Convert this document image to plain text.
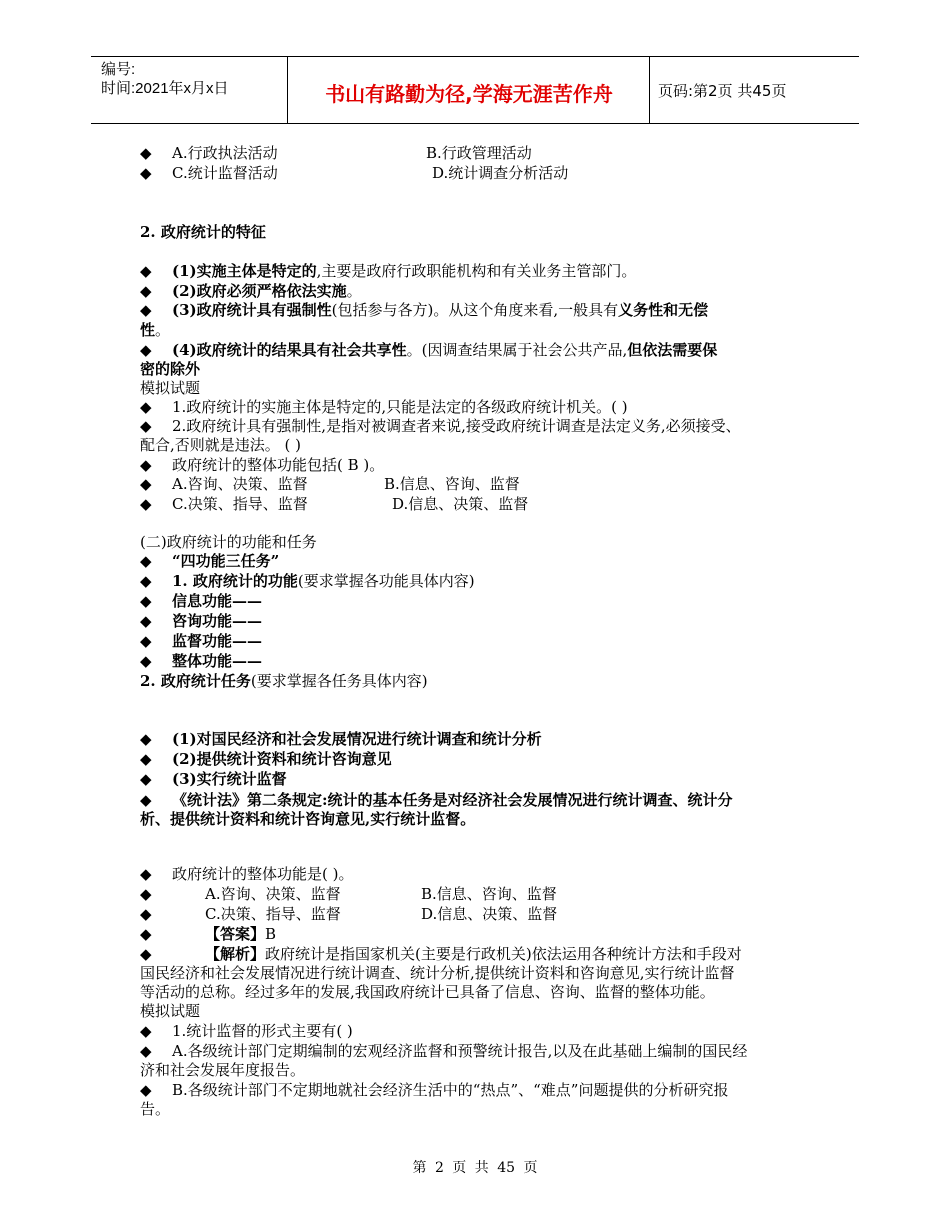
编号:
时间:2021年x月x日	书山有路勤为径,学海无涯苦作舟	页码:第2页 共45页
◆ A.行政执法活动	B.行政管理活动
◆ C.统计监督活动	D.统计调查分析活动
2. 政府统计的特征
◆ (1)实施主体是特定的,主要是政府行政职能机构和有关业务主管部门。
◆ (2)政府必须严格依法实施。
◆ (3)政府统计具有强制性(包括参与各方)。从这个角度来看,一般具有义务性和无偿
性。
◆ (4)政府统计的结果具有社会共享性。(因调查结果属于社会公共产品,但依法需要保
密的除外
模拟试题
◆ 1.政府统计的实施主体是特定的,只能是法定的各级政府统计机关。( )
◆ 2.政府统计具有强制性,是指对被调查者来说,接受政府统计调查是法定义务,必须接受、
配合,否则就是违法。 ( )
◆ 政府统计的整体功能包括( B )。
◆ A.咨询、决策、监督	B.信息、咨询、监督
◆ C.决策、指导、监督	D.信息、决策、监督
(二)政府统计的功能和任务
◆ “四功能三任务”
◆ 1. 政府统计的功能(要求掌握各功能具体内容)
◆ 信息功能——
◆ 咨询功能——
◆ 监督功能——
◆ 整体功能——
2. 政府统计任务(要求掌握各任务具体内容)
◆ (1)对国民经济和社会发展情况进行统计调查和统计分析
◆ (2)提供统计资料和统计咨询意见
◆ (3)实行统计监督
◆ 《统计法》第二条规定:统计的基本任务是对经济社会发展情况进行统计调查、统计分
析、提供统计资料和统计咨询意见,实行统计监督。
◆ 政府统计的整体功能是( )。
◆	A.咨询、决策、监督	B.信息、咨询、监督
◆	C.决策、指导、监督	D.信息、决策、监督
◆	【答案】B
◆	【解析】政府统计是指国家机关(主要是行政机关)依法运用各种统计方法和手段对
国民经济和社会发展情况进行统计调查、统计分析,提供统计资料和咨询意见,实行统计监督
等活动的总称。经过多年的发展,我国政府统计已具备了信息、咨询、监督的整体功能。
模拟试题
◆ 1.统计监督的形式主要有( )
◆ A.各级统计部门定期编制的宏观经济监督和预警统计报告,以及在此基础上编制的国民经
济和社会发展年度报告。
◆ B.各级统计部门不定期地就社会经济生活中的“热点”、“难点”问题提供的分析研究报
告。
第 2 页 共 45 页
